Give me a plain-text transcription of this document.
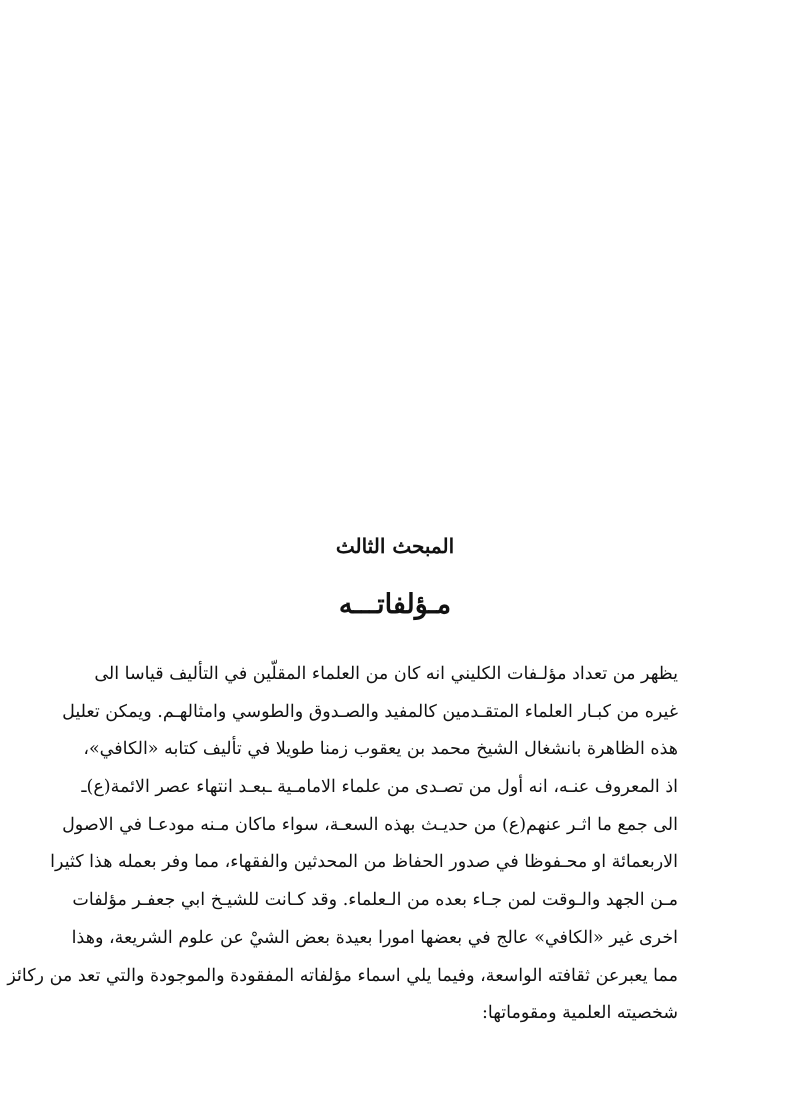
المبحث الثالث
مـؤلفاتـــه
يظهر من تعداد مؤلـفات الكليني انه كان من العلماء المقلّين في التأليف قياسا الى
غيره من كبـار العلماء المتقـدمين كالمفيد والصـدوق والطوسي وامثالهـم. ويمكن تعليل
هذه الظاهرة بانشغال الشيخ محمد بن يعقوب زمنا طويلا في تأليف كتابه «الكافي»،
اذ المعروف عنـه، انه أول من تصـدى من علماء الامامـية ـبعـد انتهاء عصر الائمة(ع)ـ
الى جمع ما اثـر عنهم(ع) من حديـث بهذه السعـة، سواء ماكان مـنه مودعـا في الاصول
الاربعمائة او محـفوظا في صدور الحفاظ من المحدثين والفقهاء، مما وفر بعمله هذا كثيرا
مـن الجهد والـوقت لمن جـاء بعده من الـعلماء. وقد كـانت للشيـخ ابي جعفـر مؤلفات
اخرى غير «الكافي» عالج في بعضها امورا بعيدة بعض الشيْ عن علوم الشريعة، وهذا
مما يعبرعن ثقافته الواسعة، وفيما يلي اسماء مؤلفاته المفقودة والموجودة والتي تعد من ركائز
شخصيته العلمية ومقوماتها:
